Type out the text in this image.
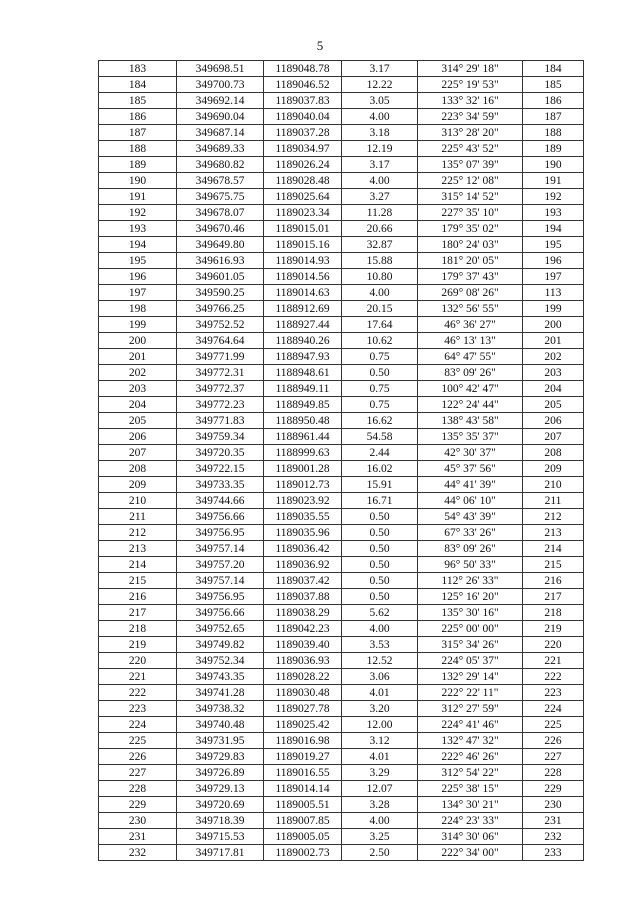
5
183	349698.51	1189048.78	3.17	314° 29' 18"	184
184	349700.73	1189046.52	12.22	225° 19' 53"	185
185	349692.14	1189037.83	3.05	133° 32' 16"	186
186	349690.04	1189040.04	4.00	223° 34' 59"	187
187	349687.14	1189037.28	3.18	313° 28' 20"	188
188	349689.33	1189034.97	12.19	225° 43' 52"	189
189	349680.82	1189026.24	3.17	135° 07' 39"	190
190	349678.57	1189028.48	4.00	225° 12' 08"	191
191	349675.75	1189025.64	3.27	315° 14' 52"	192
192	349678.07	1189023.34	11.28	227° 35' 10"	193
193	349670.46	1189015.01	20.66	179° 35' 02"	194
194	349649.80	1189015.16	32.87	180° 24' 03"	195
195	349616.93	1189014.93	15.88	181° 20' 05"	196
196	349601.05	1189014.56	10.80	179° 37' 43"	197
197	349590.25	1189014.63	4.00	269° 08' 26"	113
198	349766.25	1188912.69	20.15	132° 56' 55"	199
199	349752.52	1188927.44	17.64	46° 36' 27"	200
200	349764.64	1188940.26	10.62	46° 13' 13"	201
201	349771.99	1188947.93	0.75	64° 47' 55"	202
202	349772.31	1188948.61	0.50	83° 09' 26"	203
203	349772.37	1188949.11	0.75	100° 42' 47"	204
204	349772.23	1188949.85	0.75	122° 24' 44"	205
205	349771.83	1188950.48	16.62	138° 43' 58"	206
206	349759.34	1188961.44	54.58	135° 35' 37"	207
207	349720.35	1188999.63	2.44	42° 30' 37"	208
208	349722.15	1189001.28	16.02	45° 37' 56"	209
209	349733.35	1189012.73	15.91	44° 41' 39"	210
210	349744.66	1189023.92	16.71	44° 06' 10"	211
211	349756.66	1189035.55	0.50	54° 43' 39"	212
212	349756.95	1189035.96	0.50	67° 33' 26"	213
213	349757.14	1189036.42	0.50	83° 09' 26"	214
214	349757.20	1189036.92	0.50	96° 50' 33"	215
215	349757.14	1189037.42	0.50	112° 26' 33"	216
216	349756.95	1189037.88	0.50	125° 16' 20"	217
217	349756.66	1189038.29	5.62	135° 30' 16"	218
218	349752.65	1189042.23	4.00	225° 00' 00"	219
219	349749.82	1189039.40	3.53	315° 34' 26"	220
220	349752.34	1189036.93	12.52	224° 05' 37"	221
221	349743.35	1189028.22	3.06	132° 29' 14"	222
222	349741.28	1189030.48	4.01	222° 22' 11"	223
223	349738.32	1189027.78	3.20	312° 27' 59"	224
224	349740.48	1189025.42	12.00	224° 41' 46"	225
225	349731.95	1189016.98	3.12	132° 47' 32"	226
226	349729.83	1189019.27	4.01	222° 46' 26"	227
227	349726.89	1189016.55	3.29	312° 54' 22"	228
228	349729.13	1189014.14	12.07	225° 38' 15"	229
229	349720.69	1189005.51	3.28	134° 30' 21"	230
230	349718.39	1189007.85	4.00	224° 23' 33"	231
231	349715.53	1189005.05	3.25	314° 30' 06"	232
232	349717.81	1189002.73	2.50	222° 34' 00"	233
